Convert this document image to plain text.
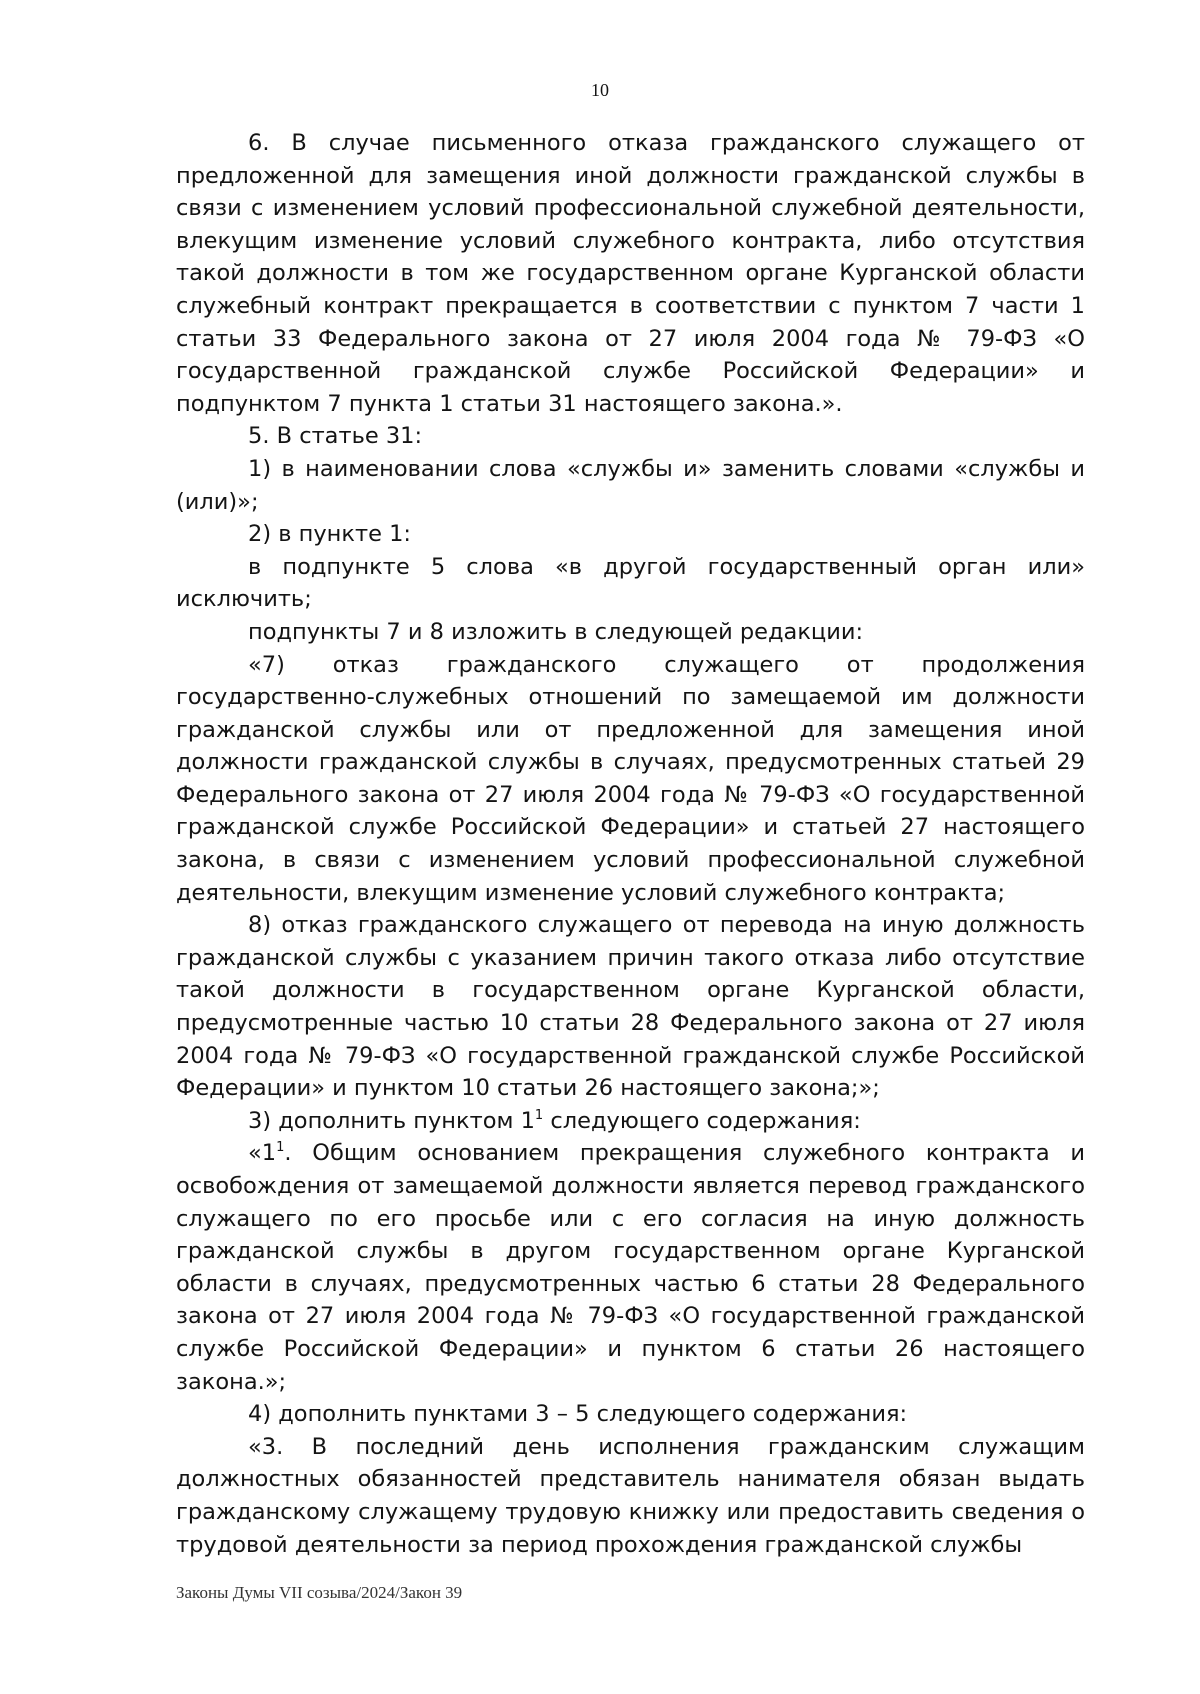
10

6. В случае письменного отказа гражданского служащего от предложенной для замещения иной должности гражданской службы в связи с изменением условий профессиональной служебной деятельности, влекущим изменение условий служебного контракта, либо отсутствия такой должности в том же государственном органе Курганской области служебный контракт прекращается в соответствии с пунктом 7 части 1 статьи 33 Федерального закона от 27 июля 2004 года № 79-ФЗ «О государственной гражданской службе Российской Федерации» и подпунктом 7 пункта 1 статьи 31 настоящего закона.».

5. В статье 31:

1) в наименовании слова «службы и» заменить словами «службы и (или)»;

2) в пункте 1:

в подпункте 5 слова «в другой государственный орган или» исключить;

подпункты 7 и 8 изложить в следующей редакции:

«7) отказ гражданского служащего от продолжения государственно-служебных отношений по замещаемой им должности гражданской службы или от предложенной для замещения иной должности гражданской службы в случаях, предусмотренных статьей 29 Федерального закона от 27 июля 2004 года № 79-ФЗ «О государственной гражданской службе Российской Федерации» и статьей 27 настоящего закона, в связи с изменением условий профессиональной служебной деятельности, влекущим изменение условий служебного контракта;

8) отказ гражданского служащего от перевода на иную должность гражданской службы с указанием причин такого отказа либо отсутствие такой должности в государственном органе Курганской области, предусмотренные частью 10 статьи 28 Федерального закона от 27 июля 2004 года № 79-ФЗ «О государственной гражданской службе Российской Федерации» и пунктом 10 статьи 26 настоящего закона;»;

3) дополнить пунктом $1^1$ следующего содержания:

«$1^1$. Общим основанием прекращения служебного контракта и освобождения от замещаемой должности является перевод гражданского служащего по его просьбе или с его согласия на иную должность гражданской службы в другом государственном органе Курганской области в случаях, предусмотренных частью 6 статьи 28 Федерального закона от 27 июля 2004 года № 79-ФЗ «О государственной гражданской службе Российской Федерации» и пунктом 6 статьи 26 настоящего закона.»;

4) дополнить пунктами 3 – 5 следующего содержания:

«3. В последний день исполнения гражданским служащим должностных обязанностей представитель нанимателя обязан выдать гражданскому служащему трудовую книжку или предоставить сведения о трудовой деятельности за период прохождения гражданской службы

Законы Думы VII созыва/2024/Закон 39
